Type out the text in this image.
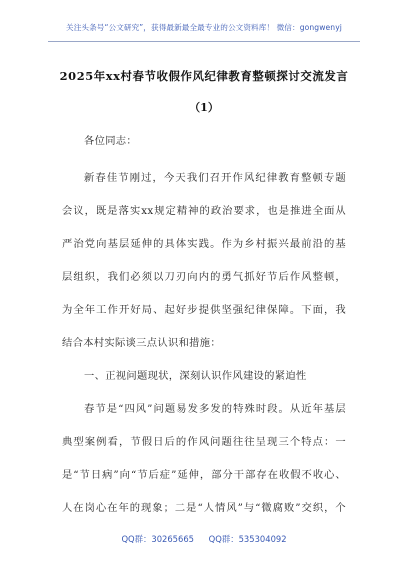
关注头条号“公文研究”，获得最新最全最专业的公文资料库！ 微信：gongwenyj
2025年xx村春节收假作风纪律教育整顿探讨交流发言
（1）
各位同志：
新春佳节刚过，今天我们召开作风纪律教育整顿专题
会议，既是落实xx规定精神的政治要求，也是推进全面从
严治党向基层延伸的具体实践。作为乡村振兴最前沿的基
层组织，我们必须以刀刃向内的勇气抓好节后作风整顿，
为全年工作开好局、起好步提供坚强纪律保障。下面，我
结合本村实际谈三点认识和措施：
一、正视问题现状，深刻认识作风建设的紧迫性
春节是“四风”问题易发多发的特殊时段。从近年基层
典型案例看，节假日后的作风问题往往呈现三个特点：一
是“节日病”向“节后症”延伸，部分干部存在收假不收心、
人在岗心在年的现象；二是“人情风”与“微腐败”交织，个
QQ群：30265665 QQ群：535304092
